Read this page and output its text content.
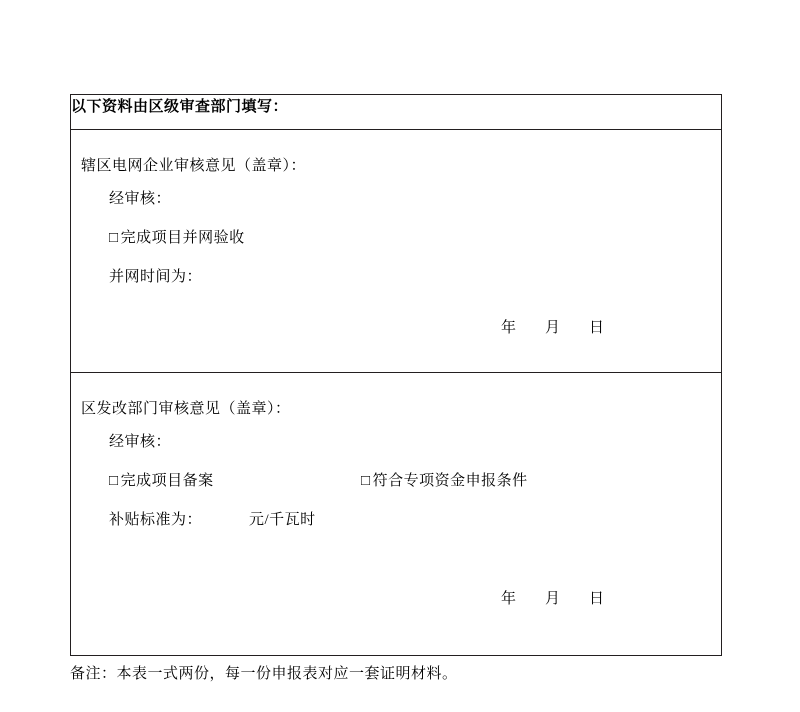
以下资料由区级审查部门填写：

辖区电网企业审核意见（盖章）：
经审核：
□ 完成项目并网验收
并网时间为：
年 月 日

区发改部门审核意见（盖章）：
经审核：
□ 完成项目备案	□ 符合专项资金申报条件
补贴标准为：	元/千瓦时
年 月 日
备注：本表一式两份，每一份申报表对应一套证明材料。
